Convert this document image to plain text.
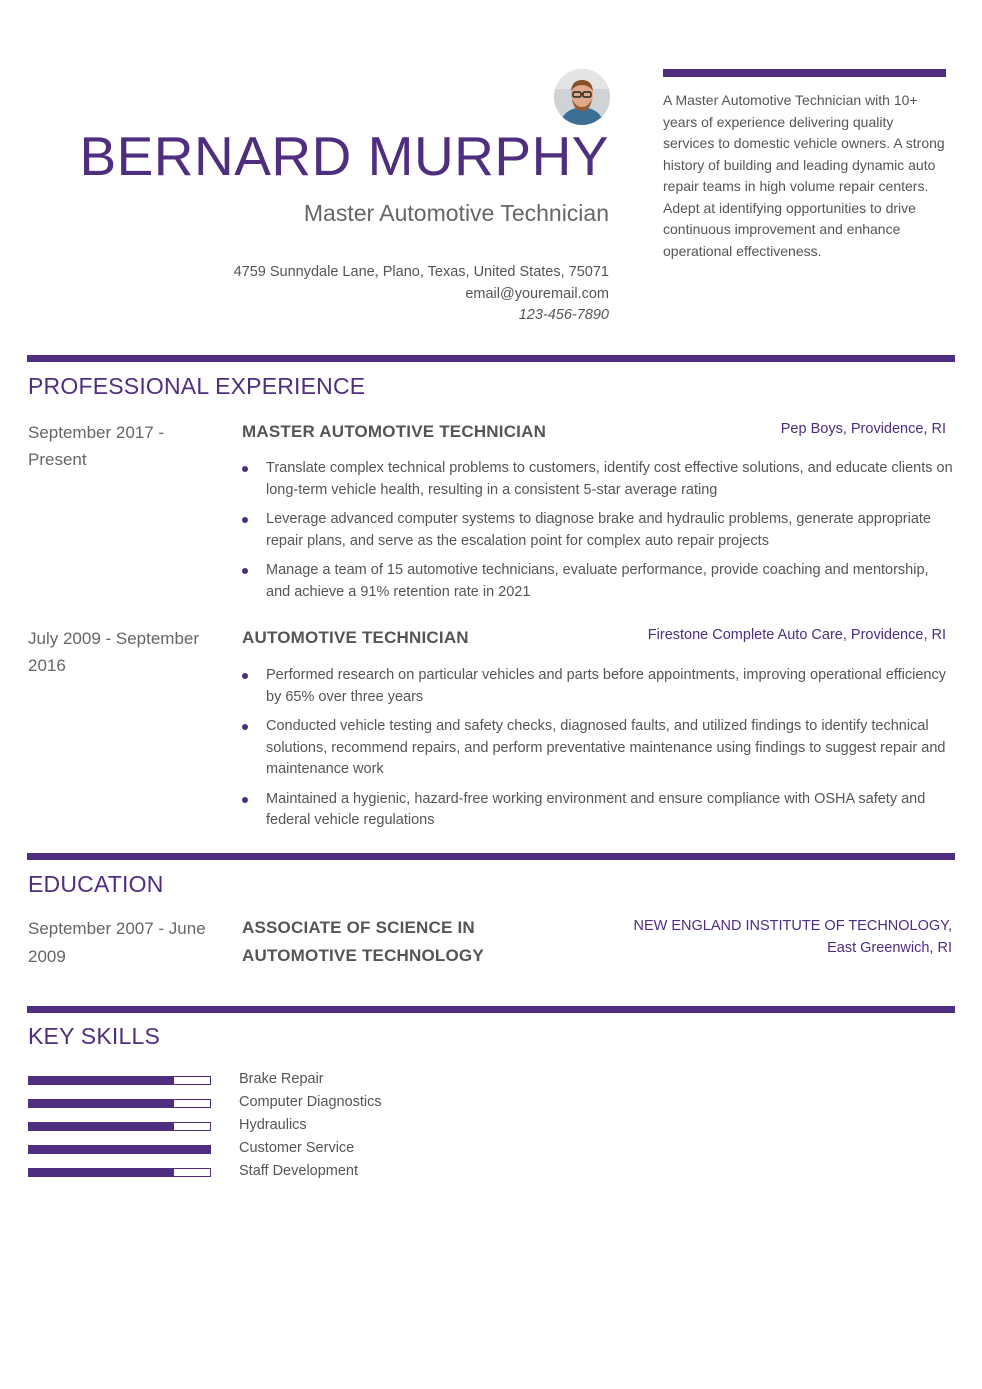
BERNARD MURPHY
Master Automotive Technician
4759 Sunnydale Lane, Plano, Texas, United States, 75071
email@youremail.com
123-456-7890
A Master Automotive Technician with 10+ years of experience delivering quality services to domestic vehicle owners. A strong history of building and leading dynamic auto repair teams in high volume repair centers. Adept at identifying opportunities to drive continuous improvement and enhance operational effectiveness.
PROFESSIONAL EXPERIENCE
September 2017 - Present
MASTER AUTOMOTIVE TECHNICIAN	Pep Boys, Providence, RI
Translate complex technical problems to customers, identify cost effective solutions, and educate clients on long-term vehicle health, resulting in a consistent 5-star average rating
Leverage advanced computer systems to diagnose brake and hydraulic problems, generate appropriate repair plans, and serve as the escalation point for complex auto repair projects
Manage a team of 15 automotive technicians, evaluate performance, provide coaching and mentorship, and achieve a 91% retention rate in 2021
July 2009 - September 2016
AUTOMOTIVE TECHNICIAN	Firestone Complete Auto Care, Providence, RI
Performed research on particular vehicles and parts before appointments, improving operational efficiency by 65% over three years
Conducted vehicle testing and safety checks, diagnosed faults, and utilized findings to identify technical solutions, recommend repairs, and perform preventative maintenance using findings to suggest repair and maintenance work
Maintained a hygienic, hazard-free working environment and ensure compliance with OSHA safety and federal vehicle regulations
EDUCATION
September 2007 - June 2009
ASSOCIATE OF SCIENCE IN AUTOMOTIVE TECHNOLOGY
NEW ENGLAND INSTITUTE OF TECHNOLOGY, East Greenwich, RI
KEY SKILLS
Brake Repair
Computer Diagnostics
Hydraulics
Customer Service
Staff Development
